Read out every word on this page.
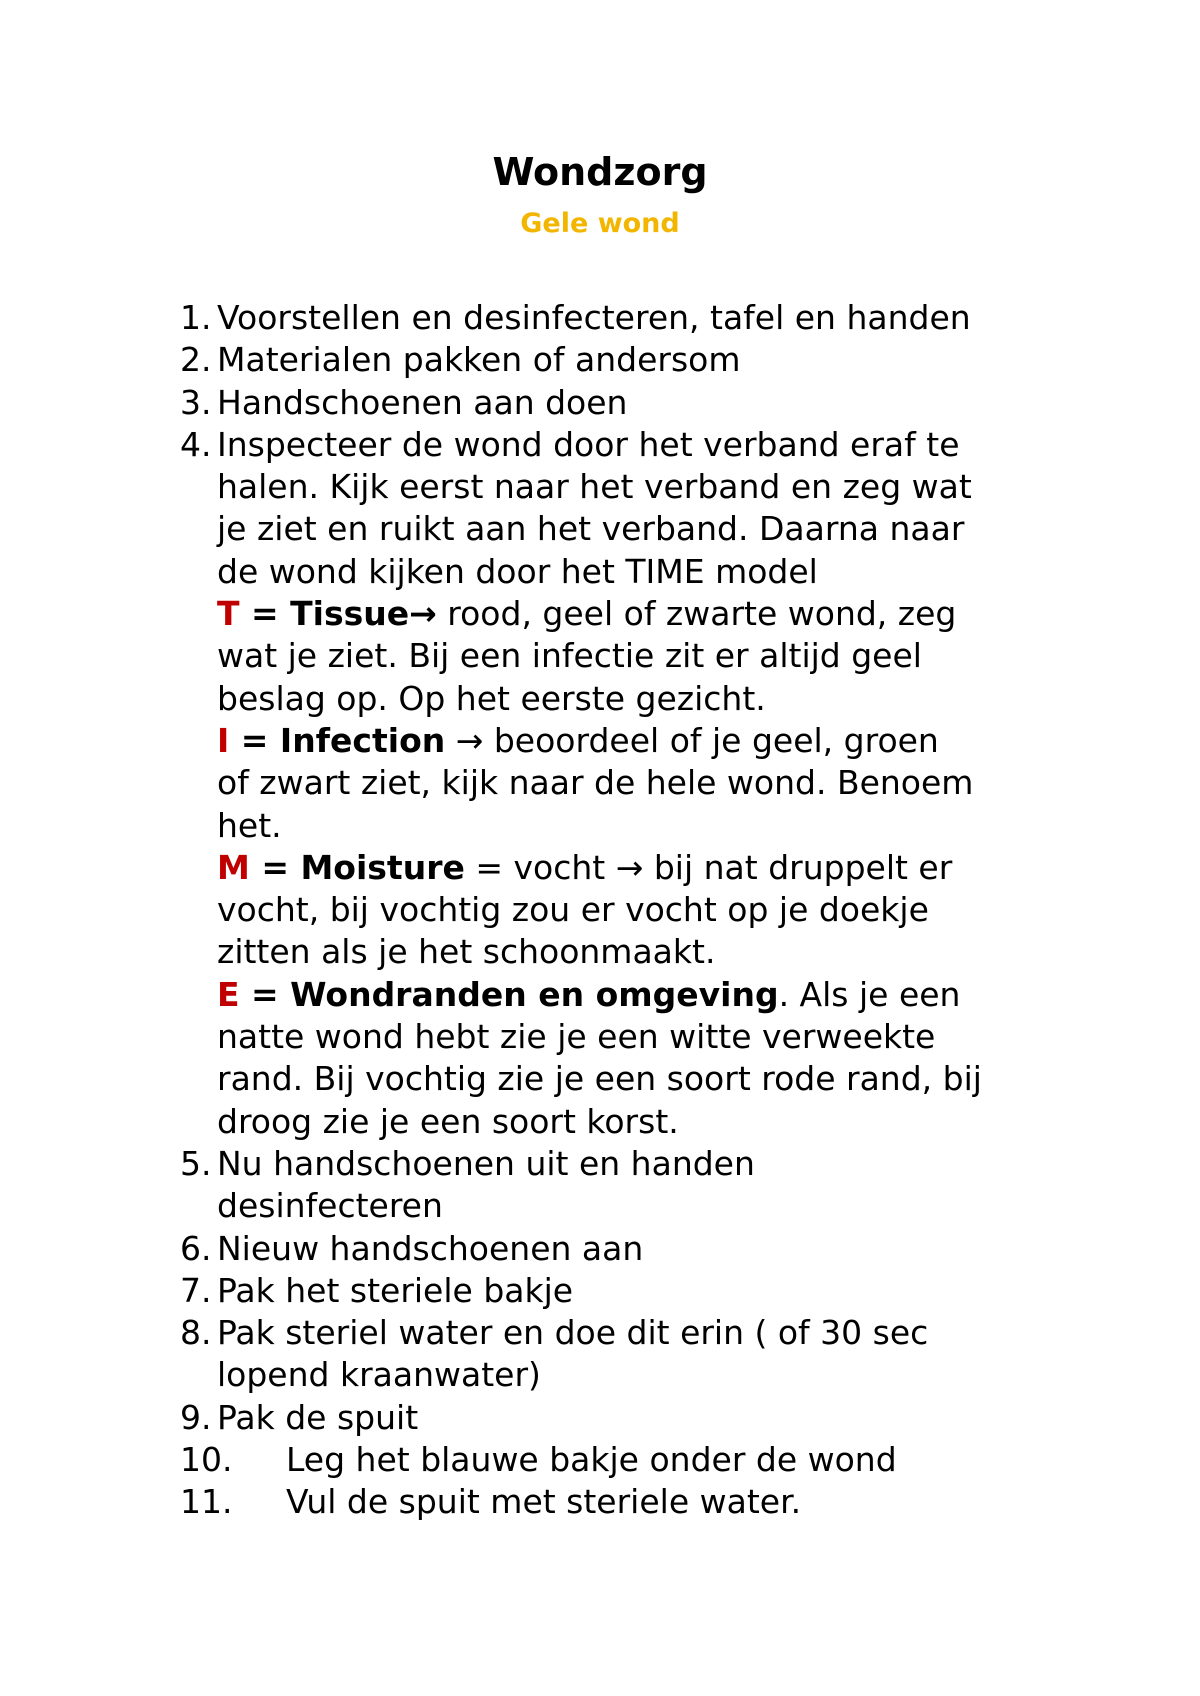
Wondzorg
Gele wond
1. Voorstellen en desinfecteren, tafel en handen
2. Materialen pakken of andersom
3. Handschoenen aan doen
4. Inspecteer de wond door het verband eraf te
halen. Kijk eerst naar het verband en zeg wat
je ziet en ruikt aan het verband. Daarna naar
de wond kijken door het TIME model
T = Tissue→ rood, geel of zwarte wond, zeg
wat je ziet. Bij een infectie zit er altijd geel
beslag op. Op het eerste gezicht.
I = Infection → beoordeel of je geel, groen
of zwart ziet, kijk naar de hele wond. Benoem
het.
M = Moisture = vocht → bij nat druppelt er
vocht, bij vochtig zou er vocht op je doekje
zitten als je het schoonmaakt.
E = Wondranden en omgeving. Als je een
natte wond hebt zie je een witte verweekte
rand. Bij vochtig zie je een soort rode rand, bij
droog zie je een soort korst.
5. Nu handschoenen uit en handen
desinfecteren
6. Nieuw handschoenen aan
7. Pak het steriele bakje
8. Pak steriel water en doe dit erin ( of 30 sec
lopend kraanwater)
9. Pak de spuit
10. Leg het blauwe bakje onder de wond
11. Vul de spuit met steriele water.
